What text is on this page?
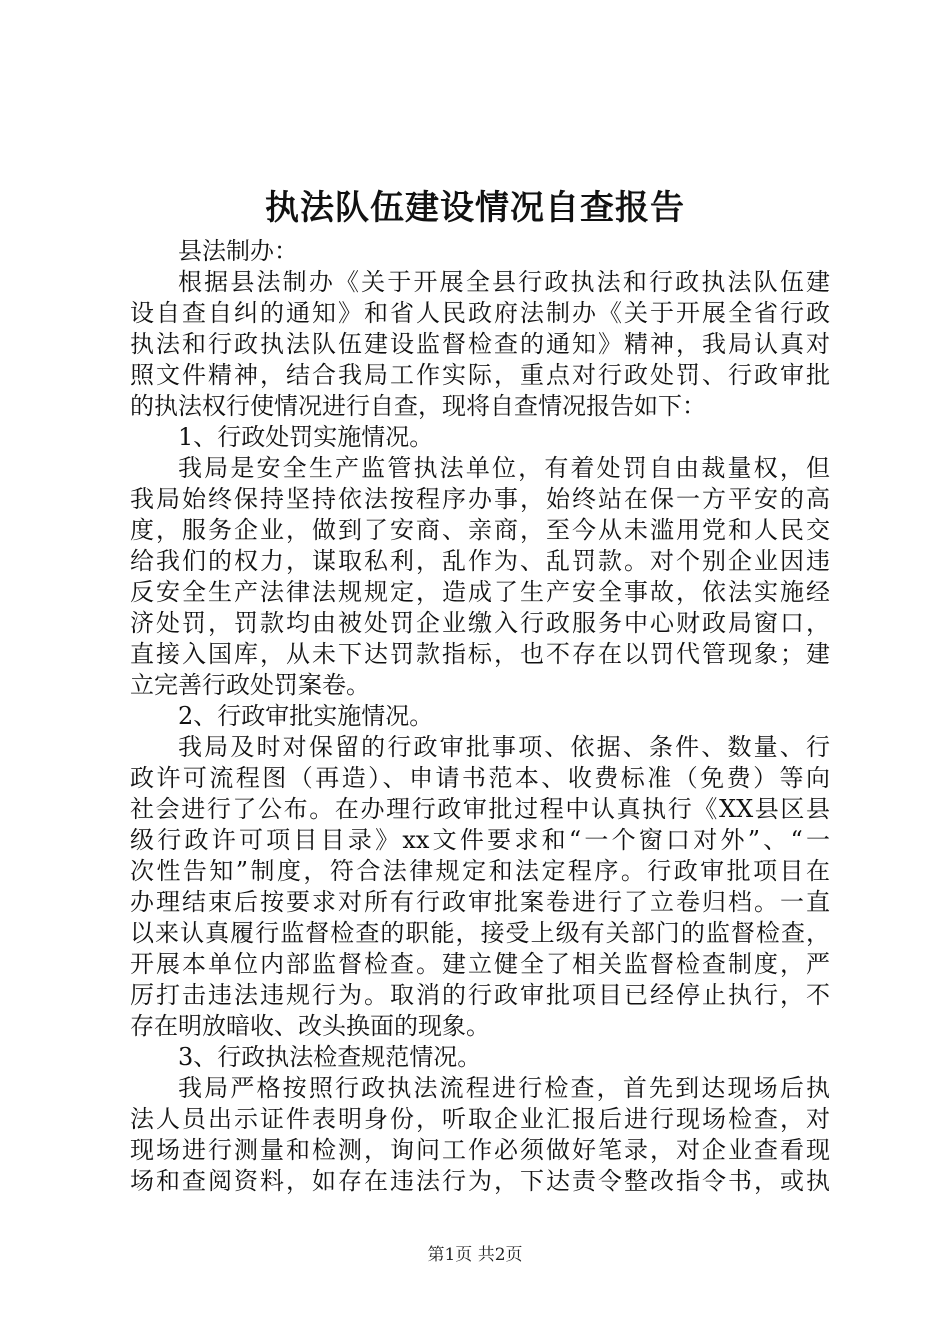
执法队伍建设情况自查报告
县法制办：
根据县法制办《关于开展全县行政执法和行政执法队伍建
设自查自纠的通知》和省人民政府法制办《关于开展全省行政
执法和行政执法队伍建设监督检查的通知》精神，我局认真对
照文件精神，结合我局工作实际，重点对行政处罚、行政审批
的执法权行使情况进行自查，现将自查情况报告如下：
1、行政处罚实施情况。
我局是安全生产监管执法单位，有着处罚自由裁量权，但
我局始终保持坚持依法按程序办事，始终站在保一方平安的高
度，服务企业，做到了安商、亲商，至今从未滥用党和人民交
给我们的权力，谋取私利，乱作为、乱罚款。对个别企业因违
反安全生产法律法规规定，造成了生产安全事故，依法实施经
济处罚，罚款均由被处罚企业缴入行政服务中心财政局窗口，
直接入国库，从未下达罚款指标，也不存在以罚代管现象；建
立完善行政处罚案卷。
2、行政审批实施情况。
我局及时对保留的行政审批事项、依据、条件、数量、行
政许可流程图（再造）、申请书范本、收费标准（免费）等向
社会进行了公布。在办理行政审批过程中认真执行《XX县区县
级行政许可项目目录》xx文件要求和“一个窗口对外”、“一
次性告知”制度，符合法律规定和法定程序。行政审批项目在
办理结束后按要求对所有行政审批案卷进行了立卷归档。一直
以来认真履行监督检查的职能，接受上级有关部门的监督检查，
开展本单位内部监督检查。建立健全了相关监督检查制度，严
厉打击违法违规行为。取消的行政审批项目已经停止执行，不
存在明放暗收、改头换面的现象。
3、行政执法检查规范情况。
我局严格按照行政执法流程进行检查，首先到达现场后执
法人员出示证件表明身份，听取企业汇报后进行现场检查，对
现场进行测量和检测，询问工作必须做好笔录，对企业查看现
场和查阅资料，如存在违法行为，下达责令整改指令书，或执
第1页 共2页
